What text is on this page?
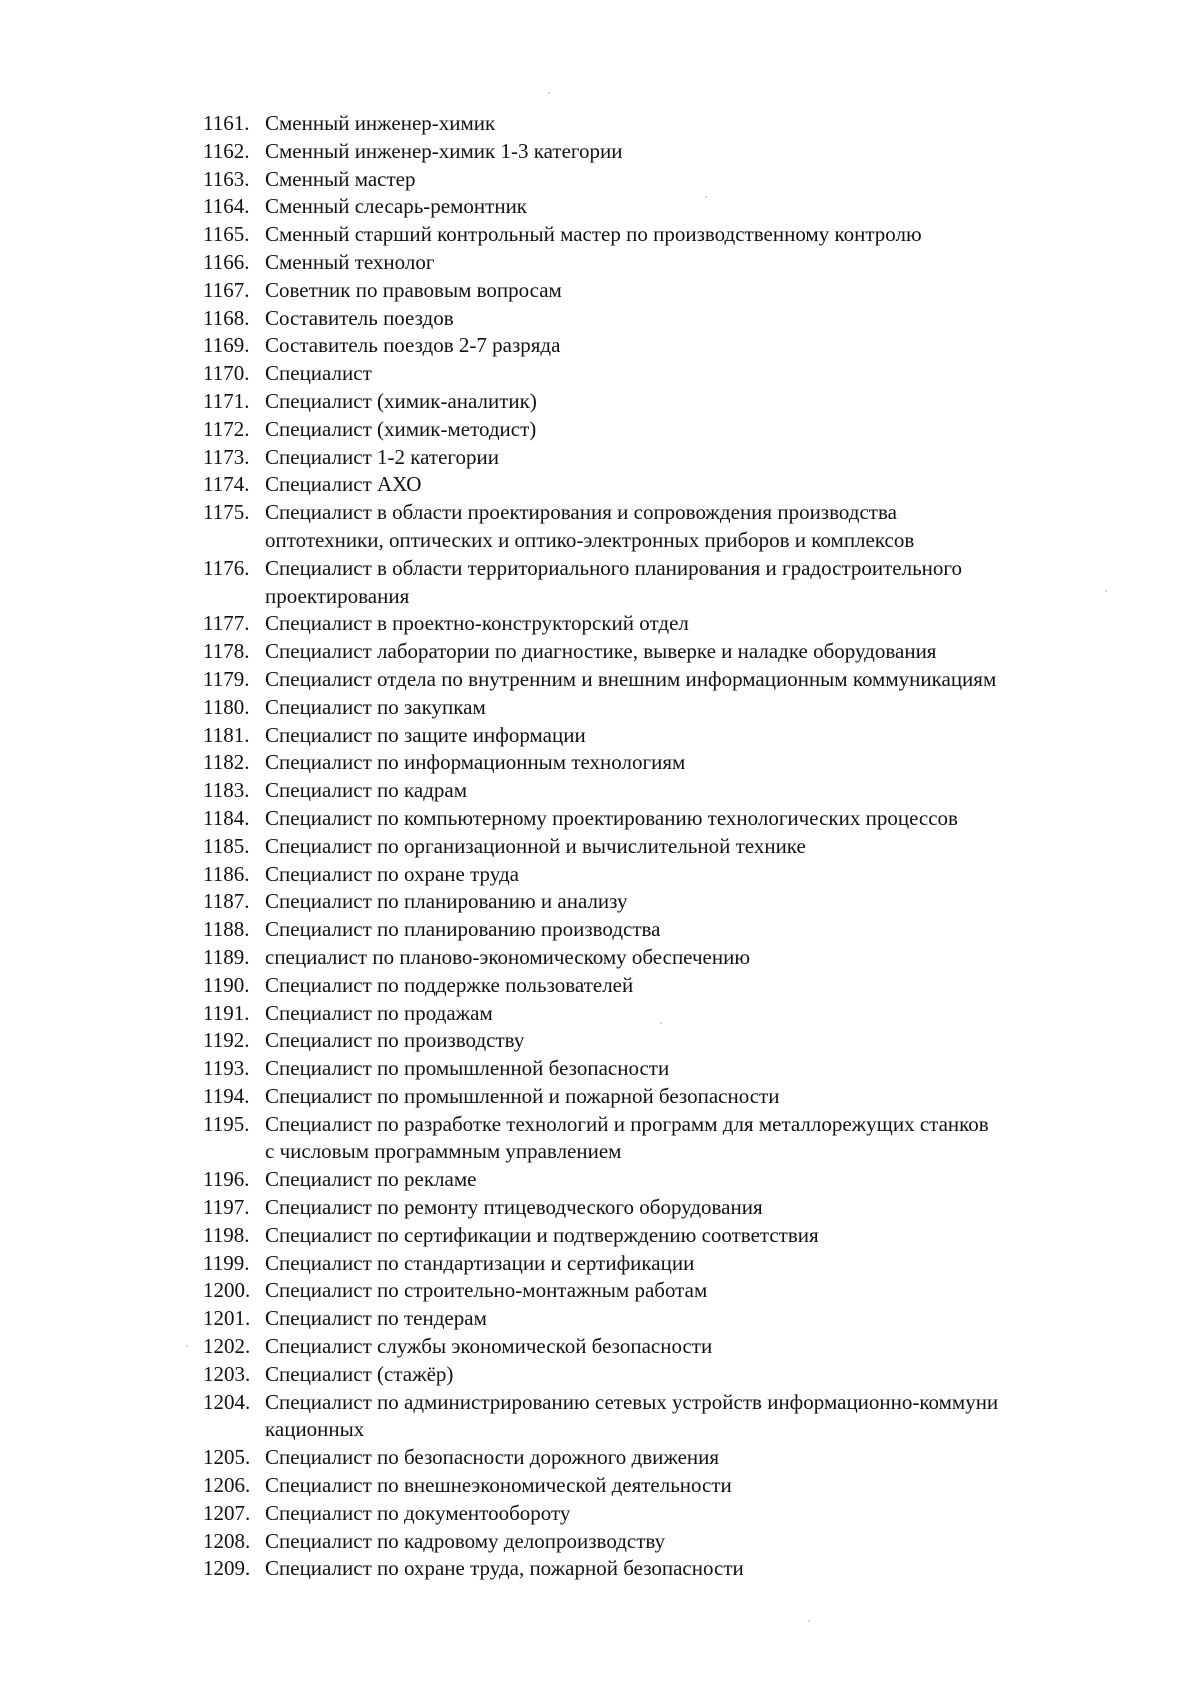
1161. Сменный инженер-химик
1162. Сменный инженер-химик 1-3 категории
1163. Сменный мастер
1164. Сменный слесарь-ремонтник
1165. Сменный старший контрольный мастер по производственному контролю
1166. Сменный технолог
1167. Советник по правовым вопросам
1168. Составитель поездов
1169. Составитель поездов 2-7 разряда
1170. Специалист
1171. Специалист (химик-аналитик)
1172. Специалист (химик-методист)
1173. Специалист 1-2 категории
1174. Специалист АХО
1175. Специалист в области проектирования и сопровождения производства
оптотехники, оптических и оптико-электронных приборов и комплексов
1176. Специалист в области территориального планирования и градостроительного
проектирования
1177. Специалист в проектно-конструкторский отдел
1178. Специалист лаборатории по диагностике, выверке и наладке оборудования
1179. Специалист отдела по внутренним и внешним информационным коммуникациям
1180. Специалист по закупкам
1181. Специалист по защите информации
1182. Специалист по информационным технологиям
1183. Специалист по кадрам
1184. Специалист по компьютерному проектированию технологических процессов
1185. Специалист по организационной и вычислительной технике
1186. Специалист по охране труда
1187. Специалист по планированию и анализу
1188. Специалист по планированию производства
1189. специалист по планово-экономическому обеспечению
1190. Специалист по поддержке пользователей
1191. Специалист по продажам
1192. Специалист по производству
1193. Специалист по промышленной безопасности
1194. Специалист по промышленной и пожарной безопасности
1195. Специалист по разработке технологий и программ для металлорежущих станков
с числовым программным управлением
1196. Специалист по рекламе
1197. Специалист по ремонту птицеводческого оборудования
1198. Специалист по сертификации и подтверждению соответствия
1199. Специалист по стандартизации и сертификации
1200. Специалист по строительно-монтажным работам
1201. Специалист по тендерам
1202. Специалист службы экономической безопасности
1203. Специалист (стажёр)
1204. Специалист по администрированию сетевых устройств информационно-коммуни
кационных
1205. Специалист по безопасности дорожного движения
1206. Специалист по внешнеэкономической деятельности
1207. Специалист по документообороту
1208. Специалист по кадровому делопроизводству
1209. Специалист по охране труда, пожарной безопасности
